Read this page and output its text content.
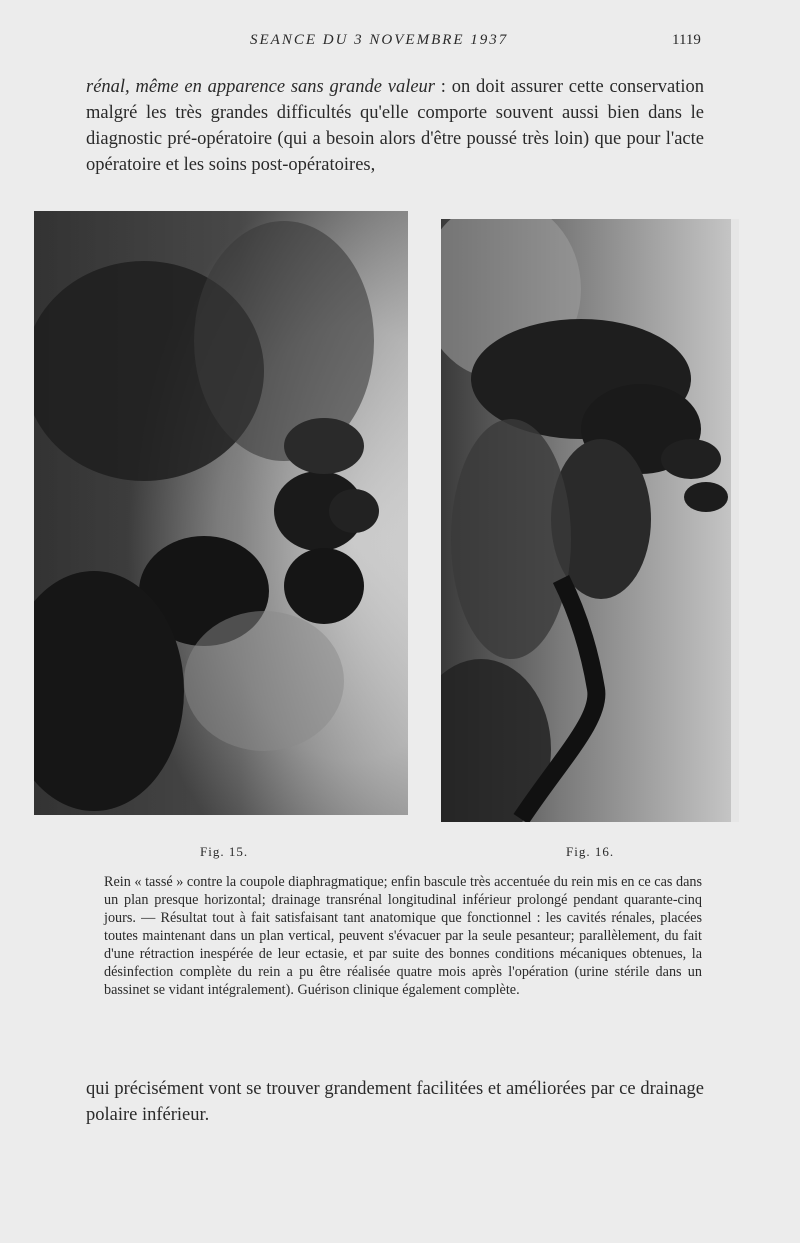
SEANCE DU 3 NOVEMBRE 1937	1119

rénal, même en apparence sans grande valeur : on doit assurer cette conservation malgré les très grandes difficultés qu'elle comporte souvent aussi bien dans le diagnostic pré-opératoire (qui a besoin alors d'être poussé très loin) que pour l'acte opératoire et les soins post-opératoires,

Fig. 15.	Fig. 16.
Rein « tassé » contre la coupole diaphragmatique; enfin bascule très accentuée du rein mis en ce cas dans un plan presque horizontal; drainage transrénal longitudinal inférieur prolongé pendant quarante-cinq jours. — Résultat tout à fait satisfaisant tant anatomique que fonctionnel : les cavités rénales, placées toutes maintenant dans un plan vertical, peuvent s'évacuer par la seule pesanteur; parallèlement, du fait d'une rétraction inespérée de leur ectasie, et par suite des bonnes conditions mécaniques obtenues, la désinfection complète du rein a pu être réalisée quatre mois après l'opération (urine stérile dans un bassinet se vidant intégralement). Guérison clinique également complète.
qui précisément vont se trouver grandement facilitées et améliorées par ce drainage polaire inférieur.
